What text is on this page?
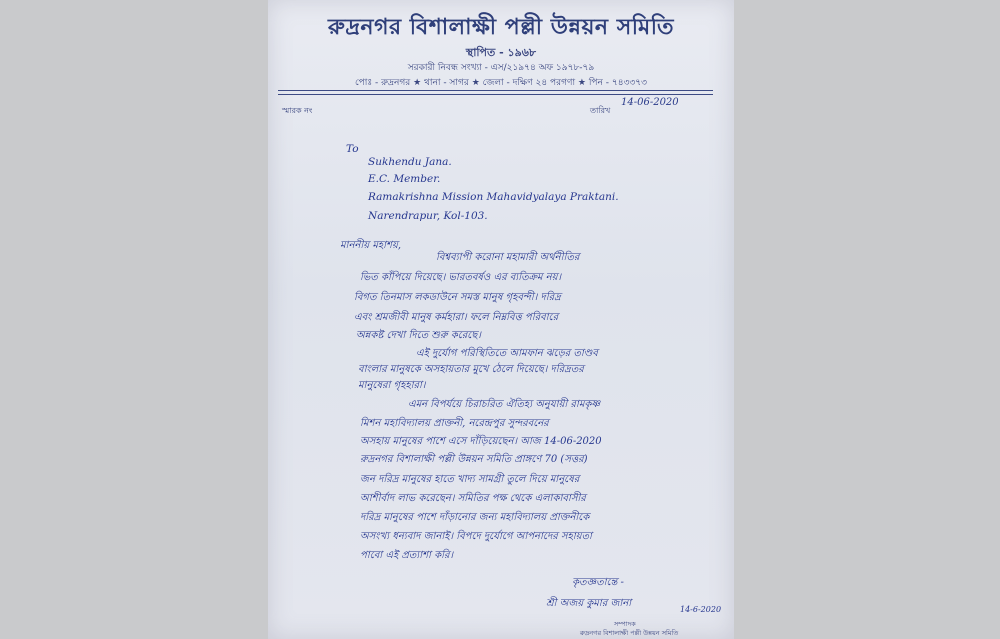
রুদ্রনগর বিশালাক্ষী পল্লী উন্নয়ন সমিতি
স্থাপিত - ১৯৬৮
সরকারী নিবন্ধ সংখ্যা - এস/২১৯৭৪ অফ ১৯৭৮-৭৯
পোঃ - রুদ্রনগর ★ থানা - সাগর ★ জেলা - দক্ষিণ ২৪ পরগণা ★ পিন - ৭৪৩৩৭৩
স্মারক নং	তারিখ
14-06-2020
To
Sukhendu Jana.
E.C. Member.
Ramakrishna Mission Mahavidyalaya Praktani.
Narendrapur, Kol-103.
মাননীয় মহাশয়,
বিশ্বব্যাপী করোনা মহামারী অর্থনীতির
ভিত কাঁপিয়ে দিয়েছে। ভারতবর্ষও এর ব্যতিক্রম নয়।
বিগত তিনমাস লকডাউনে সমস্ত মানুষ গৃহবন্দী। দরিদ্র
এবং শ্রমজীবী মানুষ কর্মহারা। ফলে নিম্নবিত্ত পরিবারে
অন্নকষ্ট দেখা দিতে শুরু করেছে।
এই দুর্যোগ পরিস্থিতিতে আমফান ঝড়ের তাণ্ডব
বাংলার মানুষকে অসহায়তার মুখে ঠেলে দিয়েছে। দরিদ্রতর
মানুষেরা গৃহহারা।
এমন বিপর্যয়ে চিরাচরিত ঐতিহ্য অনুযায়ী রামকৃষ্ণ
মিশন মহাবিদ্যালয় প্রাক্তনী, নরেন্দ্রপুর সুন্দরবনের
অসহায় মানুষের পাশে এসে দাঁড়িয়েছেন। আজ 14-06-2020
রুদ্রনগর বিশালাক্ষী পল্লী উন্নয়ন সমিতি প্রাঙ্গণে 70 (সত্তর)
জন দরিদ্র মানুষের হাতে খাদ্য সামগ্রী তুলে দিয়ে মানুষের
আশীর্বাদ লাভ করেছেন। সমিতির পক্ষ থেকে এলাকাবাসীর
দরিদ্র মানুষের পাশে দাঁড়ানোর জন্য মহাবিদ্যালয় প্রাক্তনীকে
অসংখ্য ধন্যবাদ জানাই। বিপদে দুর্যোগে আপনাদের সহায়তা
পাবো এই প্রত্যাশা করি।
কৃতজ্ঞতান্তে -
শ্রী অজয় কুমার জানা
14-6-2020
সম্পাদক
রুদ্রনগর বিশালাক্ষী পল্লী উন্নয়ন সমিতি
